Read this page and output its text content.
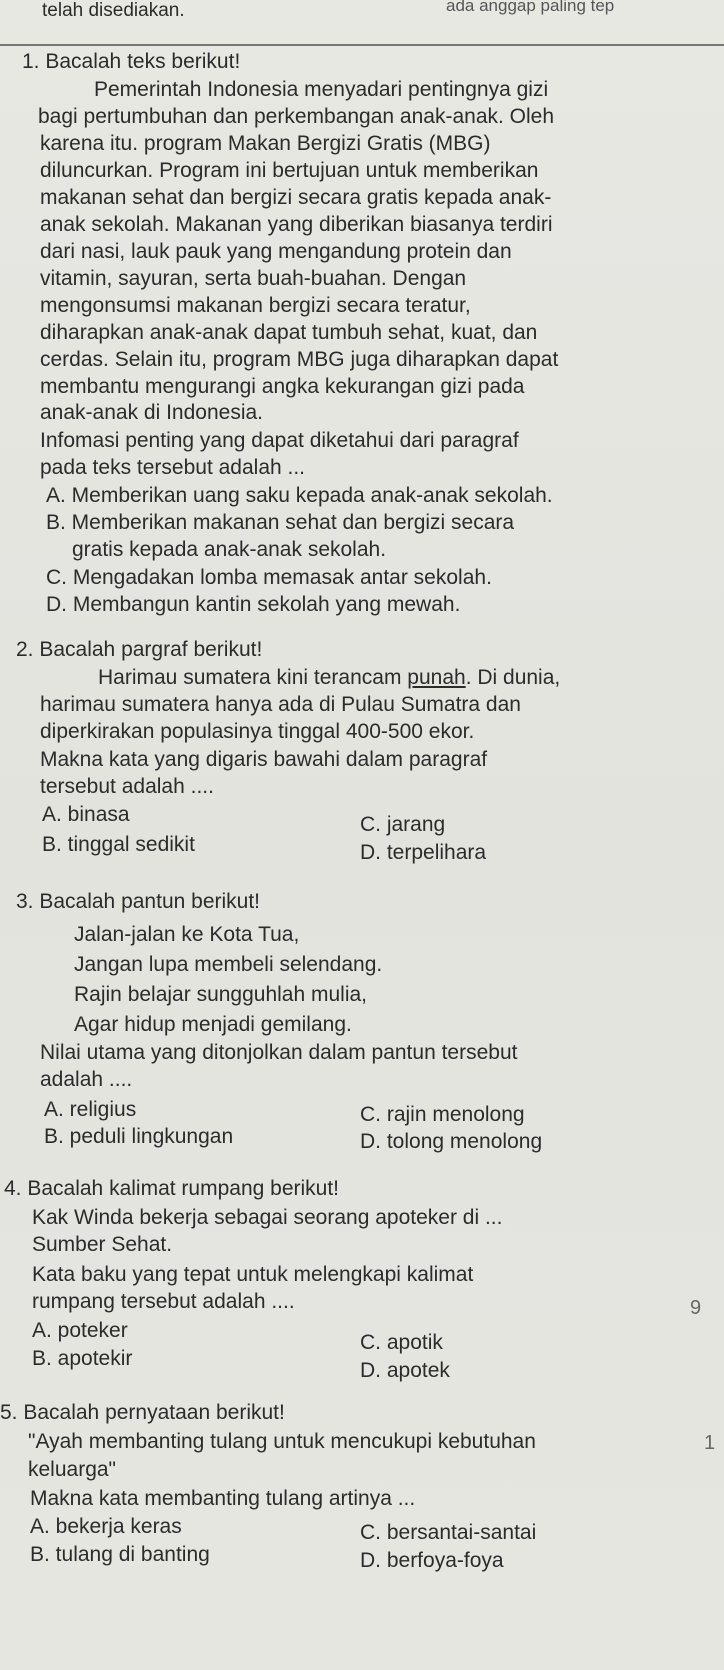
telah disediakan.	ada anggap paling tep
1. Bacalah teks berikut!
Pemerintah Indonesia menyadari pentingnya gizi
bagi pertumbuhan dan perkembangan anak-anak. Oleh
karena itu. program Makan Bergizi Gratis (MBG)
diluncurkan. Program ini bertujuan untuk memberikan
makanan sehat dan bergizi secara gratis kepada anak-
anak sekolah. Makanan yang diberikan biasanya terdiri
dari nasi, lauk pauk yang mengandung protein dan
vitamin, sayuran, serta buah-buahan. Dengan
mengonsumsi makanan bergizi secara teratur,
diharapkan anak-anak dapat tumbuh sehat, kuat, dan
cerdas. Selain itu, program MBG juga diharapkan dapat
membantu mengurangi angka kekurangan gizi pada
anak-anak di Indonesia.
Infomasi penting yang dapat diketahui dari paragraf
pada teks tersebut adalah ...
A. Memberikan uang saku kepada anak-anak sekolah.
B. Memberikan makanan sehat dan bergizi secara
gratis kepada anak-anak sekolah.
C. Mengadakan lomba memasak antar sekolah.
D. Membangun kantin sekolah yang mewah.
2. Bacalah pargraf berikut!
Harimau sumatera kini terancam punah. Di dunia,
harimau sumatera hanya ada di Pulau Sumatra dan
diperkirakan populasinya tinggal 400-500 ekor.
Makna kata yang digaris bawahi dalam paragraf
tersebut adalah ....
A. binasa	C. jarang
B. tinggal sedikit	D. terpelihara
3. Bacalah pantun berikut!
Jalan-jalan ke Kota Tua,
Jangan lupa membeli selendang.
Rajin belajar sungguhlah mulia,
Agar hidup menjadi gemilang.
Nilai utama yang ditonjolkan dalam pantun tersebut
adalah ....
A. religius
B. peduli lingkungan
C. rajin menolong
D. tolong menolong
4. Bacalah kalimat rumpang berikut!
Kak Winda bekerja sebagai seorang apoteker di ...
Sumber Sehat.
Kata baku yang tepat untuk melengkapi kalimat
rumpang tersebut adalah ....
A. poteker
B. apotekir
C. apotik
D. apotek
5. Bacalah pernyataan berikut!
"Ayah membanting tulang untuk mencukupi kebutuhan
keluarga"
Makna kata membanting tulang artinya ...
A. bekerja keras
B. tulang di banting
C. bersantai-santai
D. berfoya-foya
9
1
